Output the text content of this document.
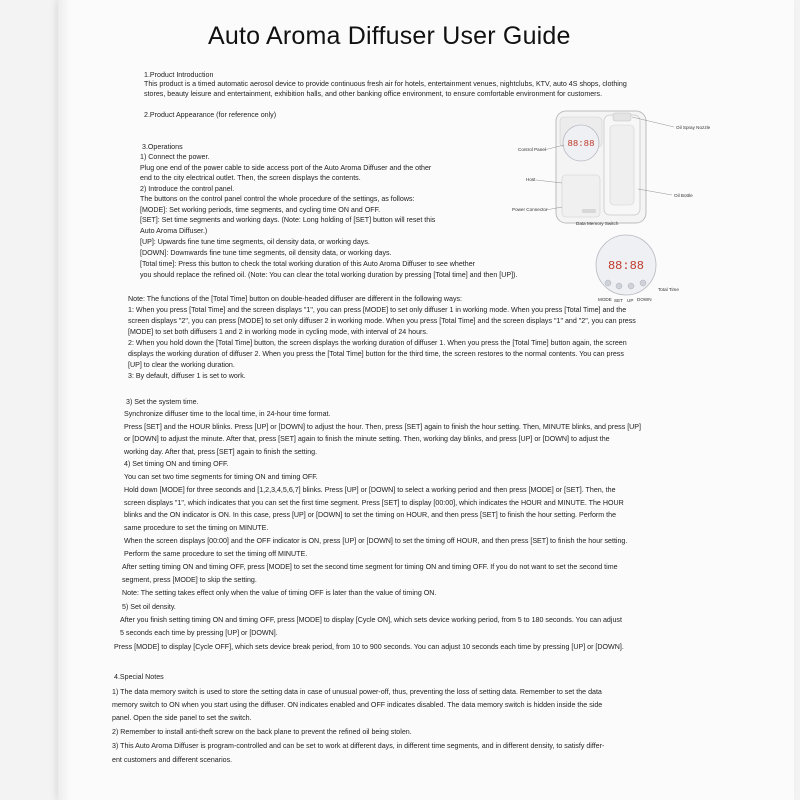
Auto Aroma Diffuser User Guide

1.Product Introduction

This product is a timed automatic aerosol device to provide continuous fresh air for hotels, entertainment venues, nightclubs, KTV, auto 4S shops, clothing

stores, beauty leisure and entertainment, exhibition halls, and other banking office environment, to ensure comfortable environment for customers.

2.Product Appearance (for reference only)

3.Operations

1) Connect the power.

Plug one end of the power cable to side access port of the Auto Aroma Diffuser and the other

end to the city electrical outlet. Then, the screen displays the contents.

2) Introduce the control panel.

The buttons on the control panel control the whole procedure of the settings, as follows:

[MODE]: Set working periods, time segments, and cycling time ON and OFF.

[SET]: Set time segments and working days. (Note: Long holding of [SET] button will reset this

Auto Aroma Diffuser.)

[UP]: Upwards fine tune time segments, oil density data, or working days.

[DOWN]: Downwards fine tune time segments, oil density data, or working days.

[Total time]: Press this button to check the total working duration of this Auto Aroma Diffuser to see whether

you should replace the refined oil. (Note: You can clear the total working duration by pressing [Total time] and then [UP]).

Note: The functions of the [Total Time] button on double-headed diffuser are different in the following ways:

1: When you press [Total Time] and the screen displays "1", you can press [MODE] to set only diffuser 1 in working mode. When you press [Total Time] and the

screen displays "2", you can press [MODE] to set only diffuser 2 in working mode. When you press [Total Time] and the screen displays "1" and "2", you can press

[MODE] to set both diffusers 1 and 2 in working mode in cycling mode, with interval of 24 hours.

2: When you hold down the [Total Time] button, the screen displays the working duration of diffuser 1. When you press the [Total Time] button again, the screen

displays the working duration of diffuser 2. When you press the [Total Time] button for the third time, the screen restores to the normal contents. You can press

[UP] to clear the working duration.

3: By default, diffuser 1 is set to work.

3) Set the system time.

Synchronize diffuser time to the local time, in 24-hour time format.

Press [SET] and the HOUR blinks. Press [UP] or [DOWN] to adjust the hour. Then, press [SET] again to finish the hour setting. Then, MINUTE blinks, and press [UP]

or [DOWN] to adjust the minute. After that, press [SET] again to finish the minute setting. Then, working day blinks, and press [UP] or [DOWN] to adjust the

working day. After that, press [SET] again to finish the setting.

4) Set timing ON and timing OFF.

You can set two time segments for timing ON and timing OFF.

Hold down [MODE] for three seconds and [1,2,3,4,5,6,7] blinks. Press [UP] or [DOWN] to select a working period and then press [MODE] or [SET]. Then, the

screen displays "1", which indicates that you can set the first time segment. Press [SET] to display [00:00], which indicates the HOUR and MINUTE. The HOUR

blinks and the ON indicator is ON. In this case, press [UP] or [DOWN] to set the timing on HOUR, and then press [SET] to finish the hour setting. Perform the

same procedure to set the timing on MINUTE.

When the screen displays [00:00] and the OFF indicator is ON, press [UP] or [DOWN] to set the timing off HOUR, and then press [SET] to finish the hour setting.

Perform the same procedure to set the timing off MINUTE.

After setting timing ON and timing OFF, press [MODE] to set the second time segment for timing ON and timing OFF. If you do not want to set the second time

segment, press [MODE] to skip the setting.

Note: The setting takes effect only when the value of timing OFF is later than the value of timing ON.

5) Set oil density.

After you finish setting timing ON and timing OFF, press [MODE] to display [Cycle ON], which sets device working period, from 5 to 180 seconds. You can adjust

5 seconds each time by pressing [UP] or [DOWN].

Press [MODE] to display [Cycle OFF], which sets device break period, from 10 to 900 seconds. You can adjust 10 seconds each time by pressing [UP] or [DOWN].

4.Special Notes

1) The data memory switch is used to store the setting data in case of unusual power-off, thus, preventing the loss of setting data. Remember to set the data

memory switch to ON when you start using the diffuser. ON indicates enabled and OFF indicates disabled. The data memory switch is hidden inside the side

panel. Open the side panel to set the switch.

2) Remember to install anti-theft screw on the back plane to prevent the refined oil being stolen.

3) This Auto Aroma Diffuser is program-controlled and can be set to work at different days, in different time segments, and in different density, to satisfy differ-

ent customers and different scenarios.

88:88
Control Panel
Host
Power Connector
Data Memory Switch
Oil Spray Nozzle
Oil Bottle
88:88
MODE SET UP DOWN
Total Time
